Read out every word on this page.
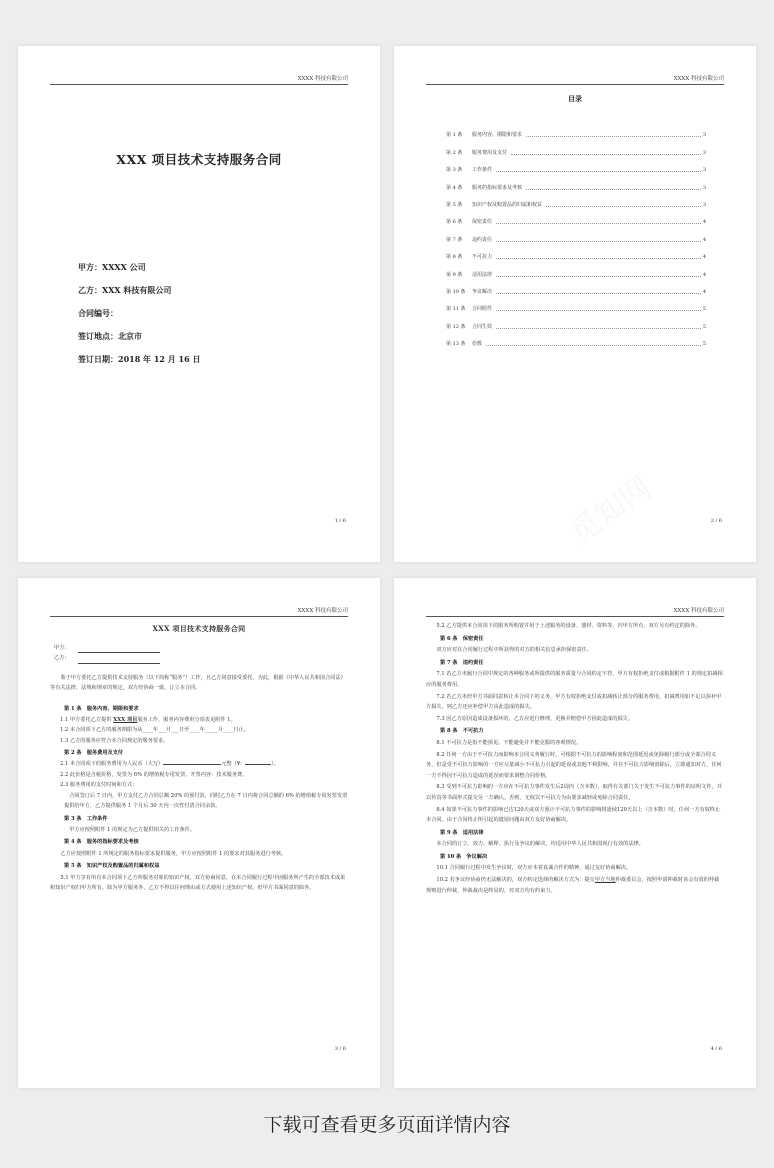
XXXX 科技有限公司
XXX 项目技术支持服务合同
甲方：XXXX 公司
乙方：XXX 科技有限公司
合同编号：
签订地点：北京市
签订日期：2018 年 12 月 16 日
1 / 6
XXXX 科技有限公司
目录
第 1 条	服务内容、期限和要求	3
第 2 条	服务费用及支付	3
第 3 条	工作条件	3
第 4 条	服务的指标要求及考核	3
第 5 条	知识产权及购置品的归属和权益	3
第 6 条	保密责任	4
第 7 条	违约责任	4
第 8 条	不可抗力	4
第 9 条	适用法律	4
第 10 条	争议解决	4
第 11 条	合同附件	5
第 12 条	合同生效	5
第 13 条	份数	5
2 / 6
XXXX 科技有限公司
XXX 项目技术支持服务合同
甲方：
乙方：
鉴于甲方委托乙方提供技术支持服务（以下简称“服务”）工作，且乙方同意接受委托。为此，根据《中华人民共和国合同法》等有关法律、法规和规章的规定，双方经协商一致，订立本合同。
第 1 条　服务内容、期限和要求
1.1 甲方委托乙方提供 XXX 项目服务工作，服务内容费用分项表见附件 1。
1.2 本合同项下乙方的服务期限为从____年___月___日至____年_____月____日止。
1.3 乙方的服务应符合本合同规定的服务要求。
第 2 条　服务费用及支付
2.1 本合同项下的服务费用为人民币（大写）	元整（¥：	）。
2.2 此价格是含税价格，发票为 6% 的增值税专用发票。开票内容：技术服务费。
2.3 服务费用的支付时间和方式：
合同签订后 7 日内，甲方支付乙方合同总额 20% 的预付款，同时乙方在 7 日内将合同总额的 6% 的增值税专用发票发票提供给甲方，乙方提供服务 1 个月后 30 天内一次性付清合同余款。
第 3 条　工作条件
甲方应按照附件 1 的规定为乙方提供相关的工作条件。
第 4 条　服务的指标要求及考核
乙方应按照附件 1 所规定的服务指标要求提供服务。甲方应按照附件 1 的要求对其服务进行考核。
第 5 条　知识产权及购置品的归属和权益
5.1 甲方享有所有本合同项下乙方所服务对象的知识产权。双方协商同意，在本合同履行过程中因服务所产生的全部技术成果和知识产权归甲方所有。除为甲方服务外，乙方不得以任何理由或方式使用上述知识产权，但甲方书面同意的除外。
3 / 6
XXXX 科技有限公司
5.2 乙方提供本合同项下的服务所购置并用于上述服务的设备、器材、资料等，归甲方所有，双方另有约定的除外。
第 6 条　保密责任
双方应对在合同履行过程中所获得的对方的相关信息承担保密责任。
第 7 条　违约责任
7.1 若乙方未履行合同中规定的各种服务或所提供的服务质量与合同约定不符，甲方有权拒绝支付或根据附件 1 的规定扣减相应的服务费用。
7.2 若乙方未经甲方书面同意转让本合同下的义务，甲方有权拒绝支付或扣减转让部分的服务费用，扣减费用如不足以弥补甲方损失，则乙方还应补偿甲方由此造成的损失。
7.3 因乙方原因造成设备损坏的，乙方应进行修理、更换并赔偿甲方因此造成的损失。
第 8 条　不可抗力
8.1 不可抗力是指不能预见、不能避免并不能克服的客观情况。
8.2 任何一方由于不可抗力而影响本合同义务履行时，可根据不可抗力的影响程度和范围延迟或免除履行部分或全部合同义务。但是受不可抗力影响的一方应尽量减小不可抗力引起的延误或其他不利影响，并在不可抗力影响消除后，立即通知对方。任何一方不得因不可抗力造成的延误而要求调整合同价格。
8.3 受到不可抗力影响的一方应在不可抗力事件发生后2周内（含本数），取得有关部门关于发生不可抗力事件的证明文件，并以传真等书面形式提交另一方确认。否则，无权以不可抗力为由要求减轻或免除合同责任。
8.4 如果不可抗力事件的影响已达120天或双方预计不可抗力事件的影响将延续120天以上（含本数）时，任何一方有权终止本合同。由于合同终止所引起的遗留问题由双方友好协商解决。
第 9 条　适用法律
本合同的订立、效力、解释、执行及争议的解决，均适用中华人民共和国现行有效的法律。
第 10 条　争议解决
10.1 合同履行过程中发生争议时，双方应本着真诚合作的精神，通过友好协商解决。
10.2 若争议经协商仍无法解决的，双方约定选择的解决方式为：提交甲方当地仲裁委员会，按照申请仲裁时该会有效的仲裁规则进行仲裁，仲裁裁决是终局的，对双方均有约束力。
4 / 6
下载可查看更多页面详情内容
